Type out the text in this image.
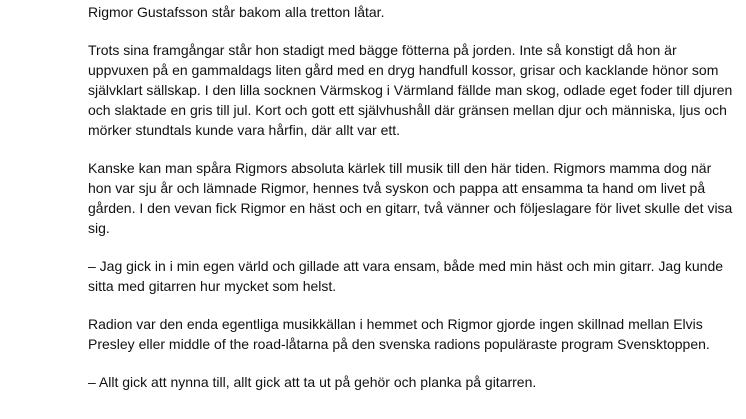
Rigmor Gustafsson står bakom alla tretton låtar.

Trots sina framgångar står hon stadigt med bägge fötterna på jorden. Inte så konstigt då hon är uppvuxen på en gammaldags liten gård med en dryg handfull kossor, grisar och kacklande hönor som självklart sällskap. I den lilla socknen Värmskog i Värmland fällde man skog, odlade eget foder till djuren och slaktade en gris till jul. Kort och gott ett självhushåll där gränsen mellan djur och människa, ljus och mörker stundtals kunde vara hårfin, där allt var ett.

Kanske kan man spåra Rigmors absoluta kärlek till musik till den här tiden. Rigmors mamma dog när hon var sju år och lämnade Rigmor, hennes två syskon och pappa att ensamma ta hand om livet på gården. I den vevan fick Rigmor en häst och en gitarr, två vänner och följeslagare för livet skulle det visa sig.

– Jag gick in i min egen värld och gillade att vara ensam, både med min häst och min gitarr. Jag kunde sitta med gitarren hur mycket som helst.

Radion var den enda egentliga musikkällan i hemmet och Rigmor gjorde ingen skillnad mellan Elvis Presley eller middle of the road-låtarna på den svenska radions populäraste program Svensktoppen.

– Allt gick att nynna till, allt gick att ta ut på gehör och planka på gitarren.
